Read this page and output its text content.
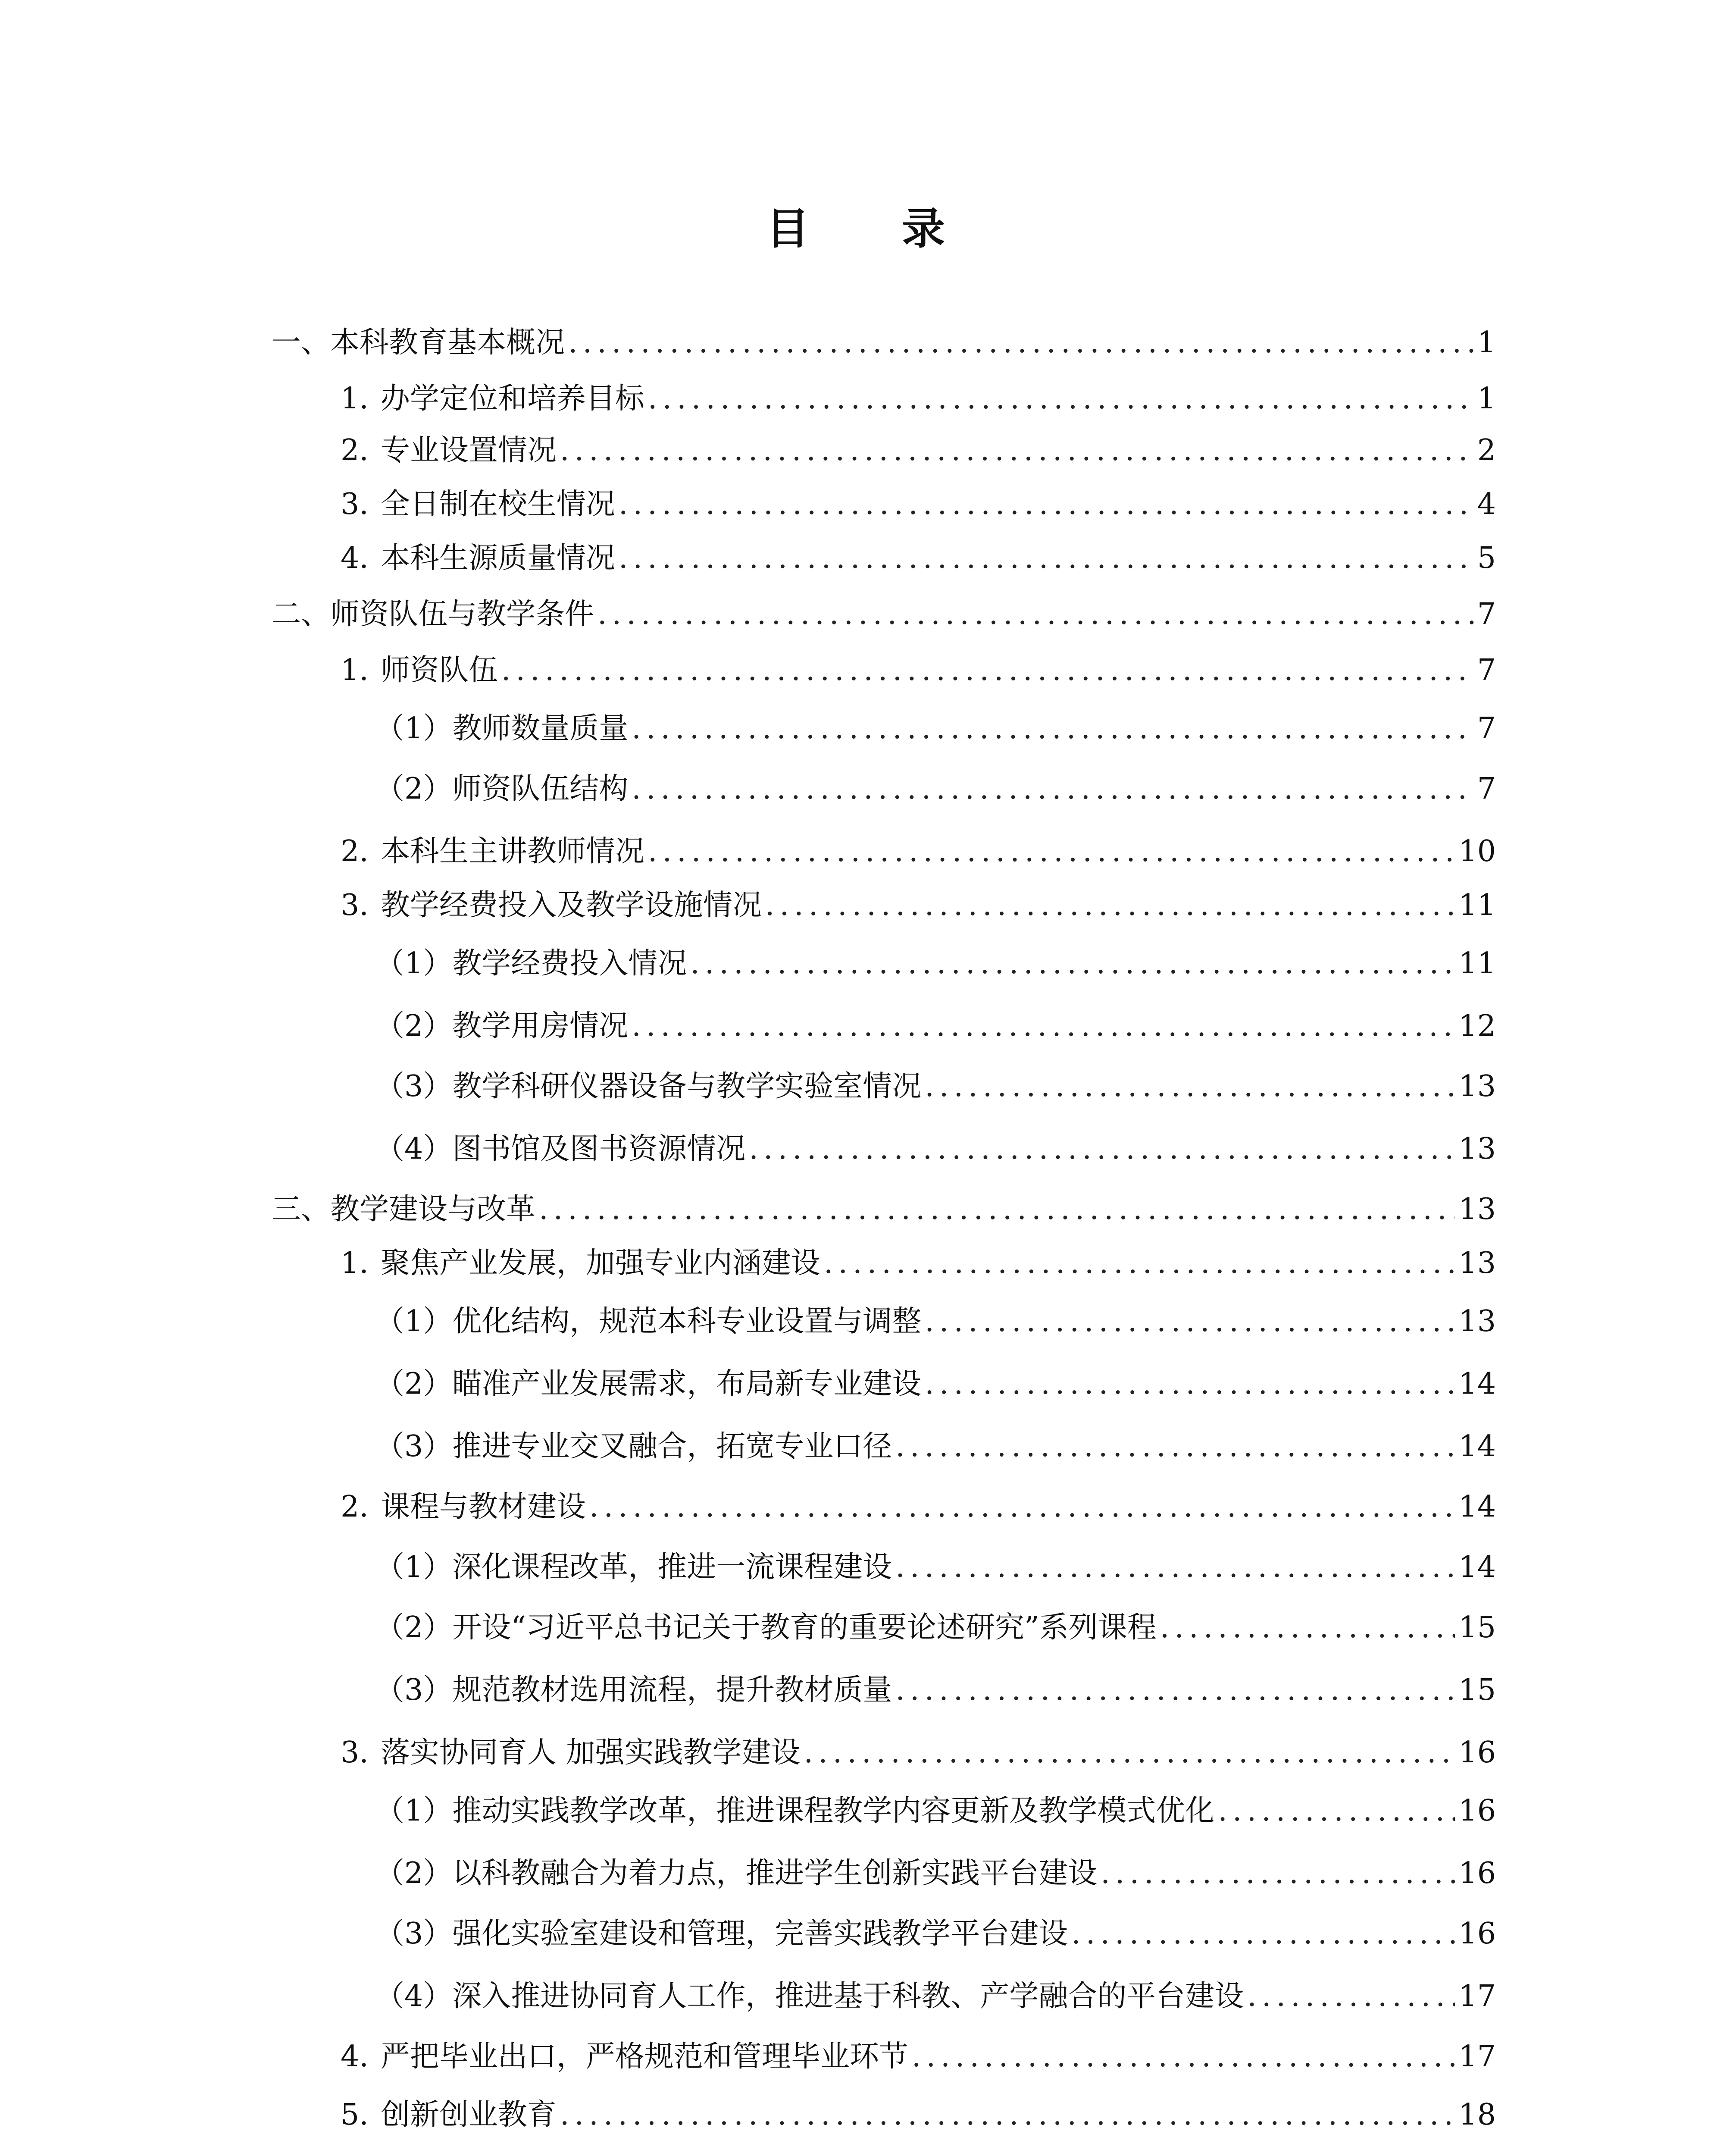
目 录
一、 本科教育基本概况 .....	1
1. 办学定位和培养目标 .....	1
2. 专业设置情况 .....	2
3. 全日制在校生情况 .....	4
4. 本科生源质量情况 .....	5
二、 师资队伍与教学条件 .....	7
1. 师资队伍 .....	7
（1） 教师数量质量 .....	7
（2） 师资队伍结构 .....	7
2. 本科生主讲教师情况 .....	10
3. 教学经费投入及教学设施情况 .....	11
（1） 教学经费投入情况 .....	11
（2） 教学用房情况 .....	12
（3） 教学科研仪器设备与教学实验室情况 .....	13
（4） 图书馆及图书资源情况 .....	13
三、 教学建设与改革 .....	13
1. 聚焦产业发展，加强专业内涵建设 .....	13
（1） 优化结构，规范本科专业设置与调整 .....	13
（2） 瞄准产业发展需求，布局新专业建设 .....	14
（3） 推进专业交叉融合，拓宽专业口径 .....	14
2. 课程与教材建设 .....	14
（1） 深化课程改革，推进一流课程建设 .....	14
（2） 开设“习近平总书记关于教育的重要论述研究”系列课程 .....	15
（3） 规范教材选用流程，提升教材质量 .....	15
3. 落实协同育人 加强实践教学建设 .....	16
（1） 推动实践教学改革，推进课程教学内容更新及教学模式优化 .....	16
（2） 以科教融合为着力点，推进学生创新实践平台建设 .....	16
（3） 强化实验室建设和管理，完善实践教学平台建设 .....	16
（4） 深入推进协同育人工作，推进基于科教、产学融合的平台建设 .....	17
4. 严把毕业出口，严格规范和管理毕业环节 .....	17
5. 创新创业教育 .....	18
